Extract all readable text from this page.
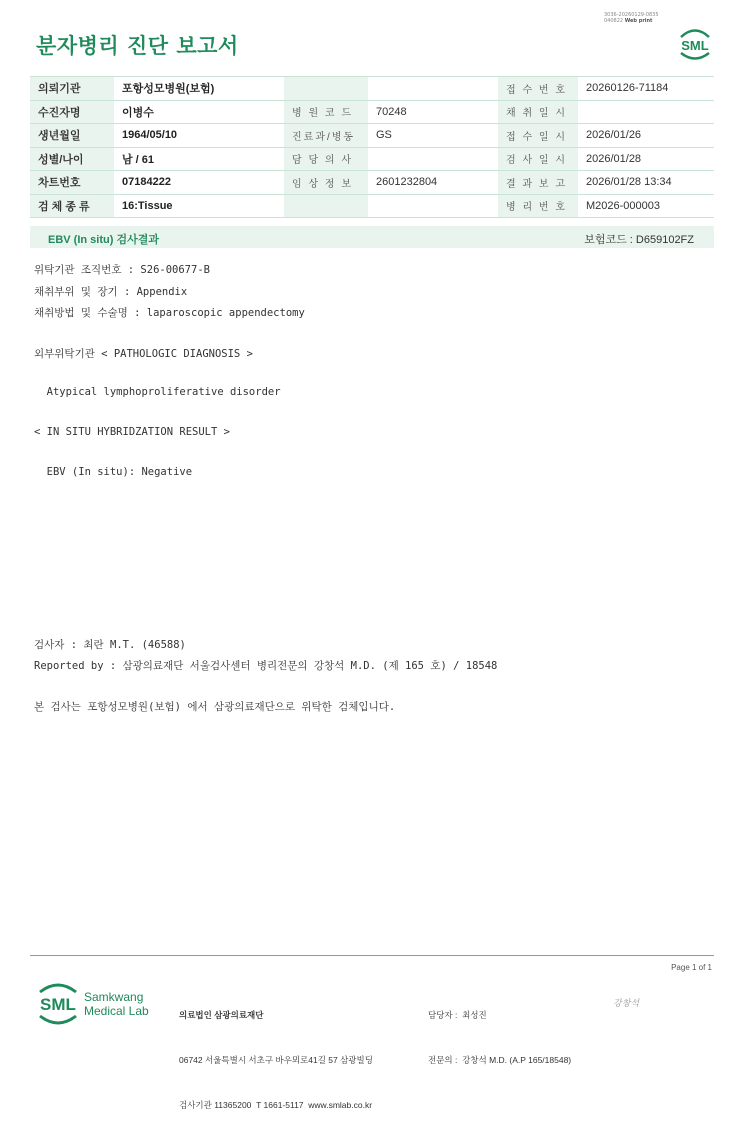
분자병리 진단 보고서
3036-20260129-0835
040822 Web print
SML
의뢰기관	포항성모병원(보험)			접 수 번 호	20260126-71184
수진자명	이병수	병 원 코 드	70248	채 취 일 시	
생년월일	1964/05/10	진료과/병동	GS	접 수 일 시	2026/01/26
성별/나이	남 / 61	담 당 의 사		검 사 일 시	2026/01/28
차트번호	07184222	임 상 정 보	2601232804	결 과 보 고	2026/01/28 13:34
검 체 종 류	16:Tissue			병 리 번 호	M2026-000003
EBV (In situ) 검사결과	보험코드 : D659102FZ
위탁기관 조직번호 : S26-00677-B
채취부위 및 장기 : Appendix
채취방법 및 수술명 : laparoscopic appendectomy
외부위탁기관 < PATHOLOGIC DIAGNOSIS >
Atypical lymphoproliferative disorder
< IN SITU HYBRIDZATION RESULT >
EBV (In situ): Negative
검사자 : 최란 M.T. (46588)
Reported by : 삼광의료재단 서울검사센터 병리전문의 강창석 M.D. (제 165 호) / 18548
본 검사는 포항성모병원(보험) 에서 삼광의료재단으로 위탁한 검체입니다.
Page 1 of 1
SML Samkwang
Medical Lab

	의료법인 삼광의료재단

06742 서울특별시 서초구 바우뫼로41길 57 삼광빌딩

검사기관 11365200  T 1661-5117  www.smlab.co.kr

담당자 :  최성진

전문의 :  강창석 M.D. (A.P 165/18548)

강창석
